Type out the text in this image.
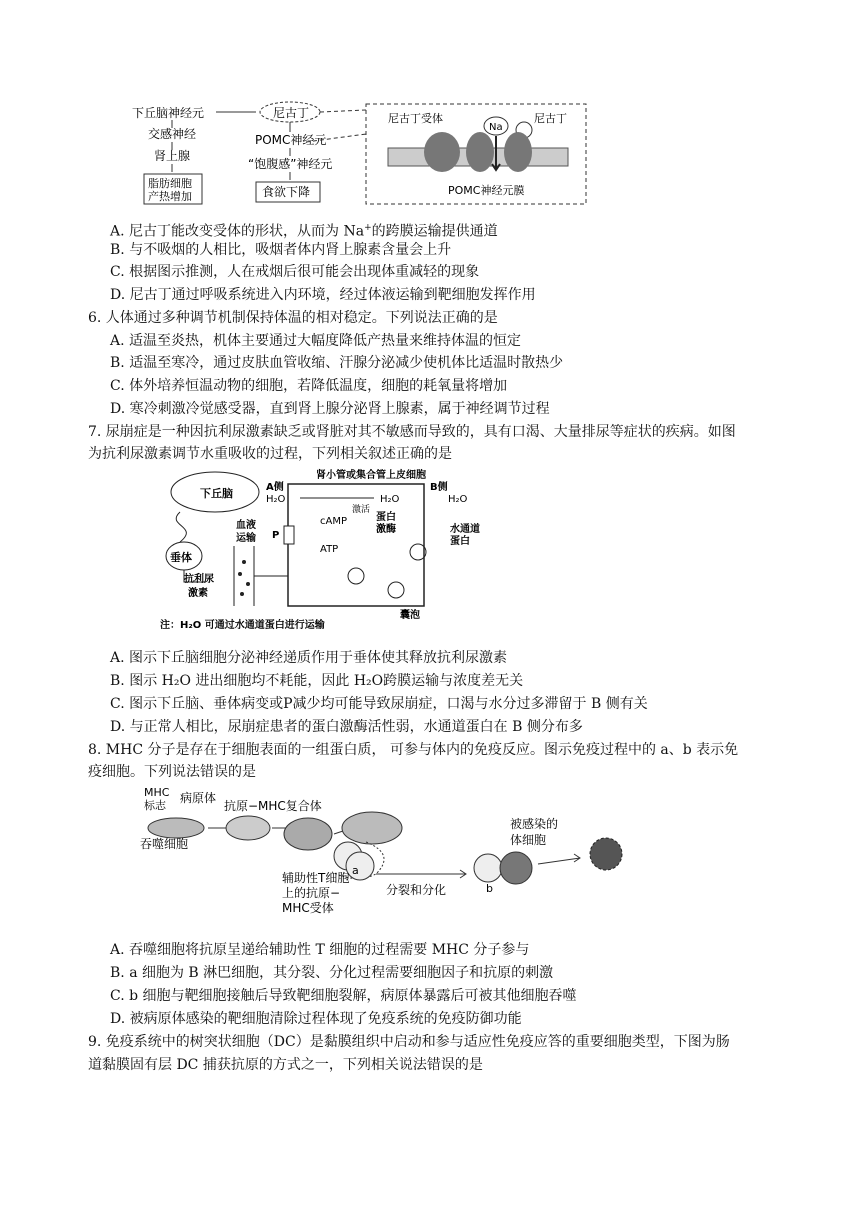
下丘脑神经元	尼古丁
交感神经
肾上腺
脂肪细胞
产热增加
POMC神经元
“饱腹感”神经元
食欲下降
尼古丁受体
Na
尼古丁
POMC神经元膜
A. 尼古丁能改变受体的形状，从而为 Na+的跨膜运输提供通道
B. 与不吸烟的人相比，吸烟者体内肾上腺素含量会上升
C. 根据图示推测，人在戒烟后很可能会出现体重减轻的现象
D. 尼古丁通过呼吸系统进入内环境，经过体液运输到靶细胞发挥作用
6. 人体通过多种调节机制保持体温的相对稳定。下列说法正确的是
A. 适温至炎热，机体主要通过大幅度降低产热量来维持体温的恒定
B. 适温至寒冷，通过皮肤血管收缩、汗腺分泌减少使机体比适温时散热少
C. 体外培养恒温动物的细胞，若降低温度，细胞的耗氧量将增加
D. 寒冷刺激冷觉感受器，直到肾上腺分泌肾上腺素，属于神经调节过程
7. 尿崩症是一种因抗利尿激素缺乏或肾脏对其不敏感而导致的，具有口渴、大量排尿等症状的疾病。如图
为抗利尿激素调节水重吸收的过程，下列相关叙述正确的是
下丘脑
垂体
抗利尿
激素
血液
运输
肾小管或集合管上皮细胞
A侧
H₂O
B侧
H₂O
H₂O
P
cAMP
ATP
激活
蛋白
激酶	水通道
蛋白
囊泡
注：H₂O 可通过水通道蛋白进行运输
A. 图示下丘脑细胞分泌神经递质作用于垂体使其释放抗利尿激素
B. 图示 H₂O 进出细胞均不耗能，因此 H₂O跨膜运输与浓度差无关
C. 图示下丘脑、垂体病变或P减少均可能导致尿崩症，口渴与水分过多滞留于 B 侧有关
D. 与正常人相比，尿崩症患者的蛋白激酶活性弱，水通道蛋白在 B 侧分布多
8. MHC 分子是存在于细胞表面的一组蛋白质， 可参与体内的免疫反应。图示免疫过程中的 a、b 表示免
疫细胞。下列说法错误的是
MHC
标志
病原体
抗原−MHC复合体
吞噬细胞
a
辅助性T细胞
上的抗原−
MHC受体
分裂和分化	b
被感染的
体细胞
A. 吞噬细胞将抗原呈递给辅助性 T 细胞的过程需要 MHC 分子参与
B. a 细胞为 B 淋巴细胞，其分裂、分化过程需要细胞因子和抗原的刺激
C. b 细胞与靶细胞接触后导致靶细胞裂解，病原体暴露后可被其他细胞吞噬
D. 被病原体感染的靶细胞清除过程体现了免疫系统的免疫防御功能
9. 免疫系统中的树突状细胞（DC）是黏膜组织中启动和参与适应性免疫应答的重要细胞类型，下图为肠
道黏膜固有层 DC 捕获抗原的方式之一，下列相关说法错误的是
